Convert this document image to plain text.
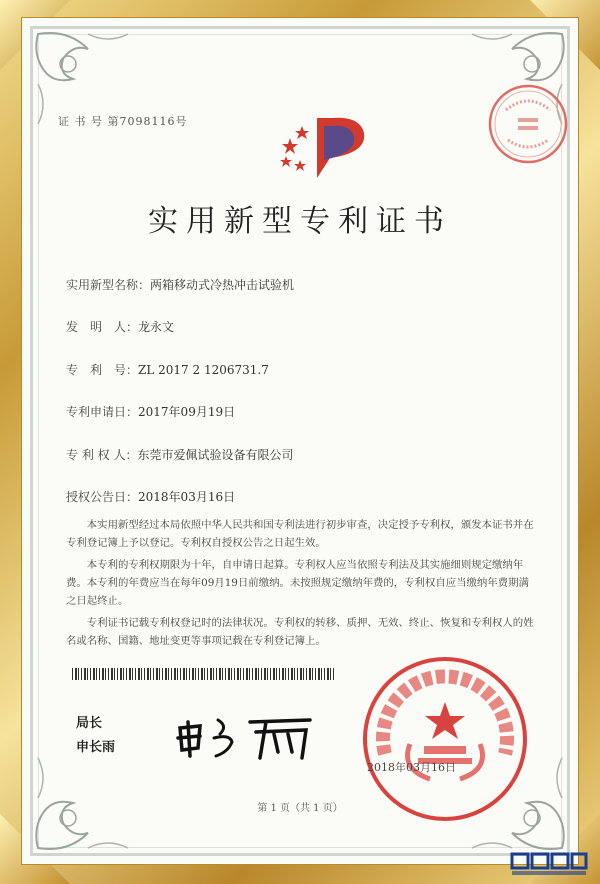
证 书 号 第7098116号
实用新型专利证书
实用新型名称：两箱移动式冷热冲击试验机
发　明　人：龙永文
专　利　号：ZL 2017 2 1206731.7
专利申请日：2017年09月19日
专 利 权 人：东莞市爱佩试验设备有限公司
授权公告日：2018年03月16日

本实用新型经过本局依照中华人民共和国专利法进行初步审查，决定授予专利权，颁发本证书并在专利登记簿上予以登记。专利权自授权公告之日起生效。

本专利的专利权期限为十年，自申请日起算。专利权人应当依照专利法及其实施细则规定缴纳年费。本专利的年费应当在每年09月19日前缴纳。未按照规定缴纳年费的，专利权自应当缴纳年费期满之日起终止。

专利证书记载专利权登记时的法律状况。专利权的转移、质押、无效、终止、恢复和专利权人的姓名或名称、国籍、地址变更等事项记载在专利登记簿上。

局长
申长雨
2018年03月16日
第 1 页（共 1 页）
